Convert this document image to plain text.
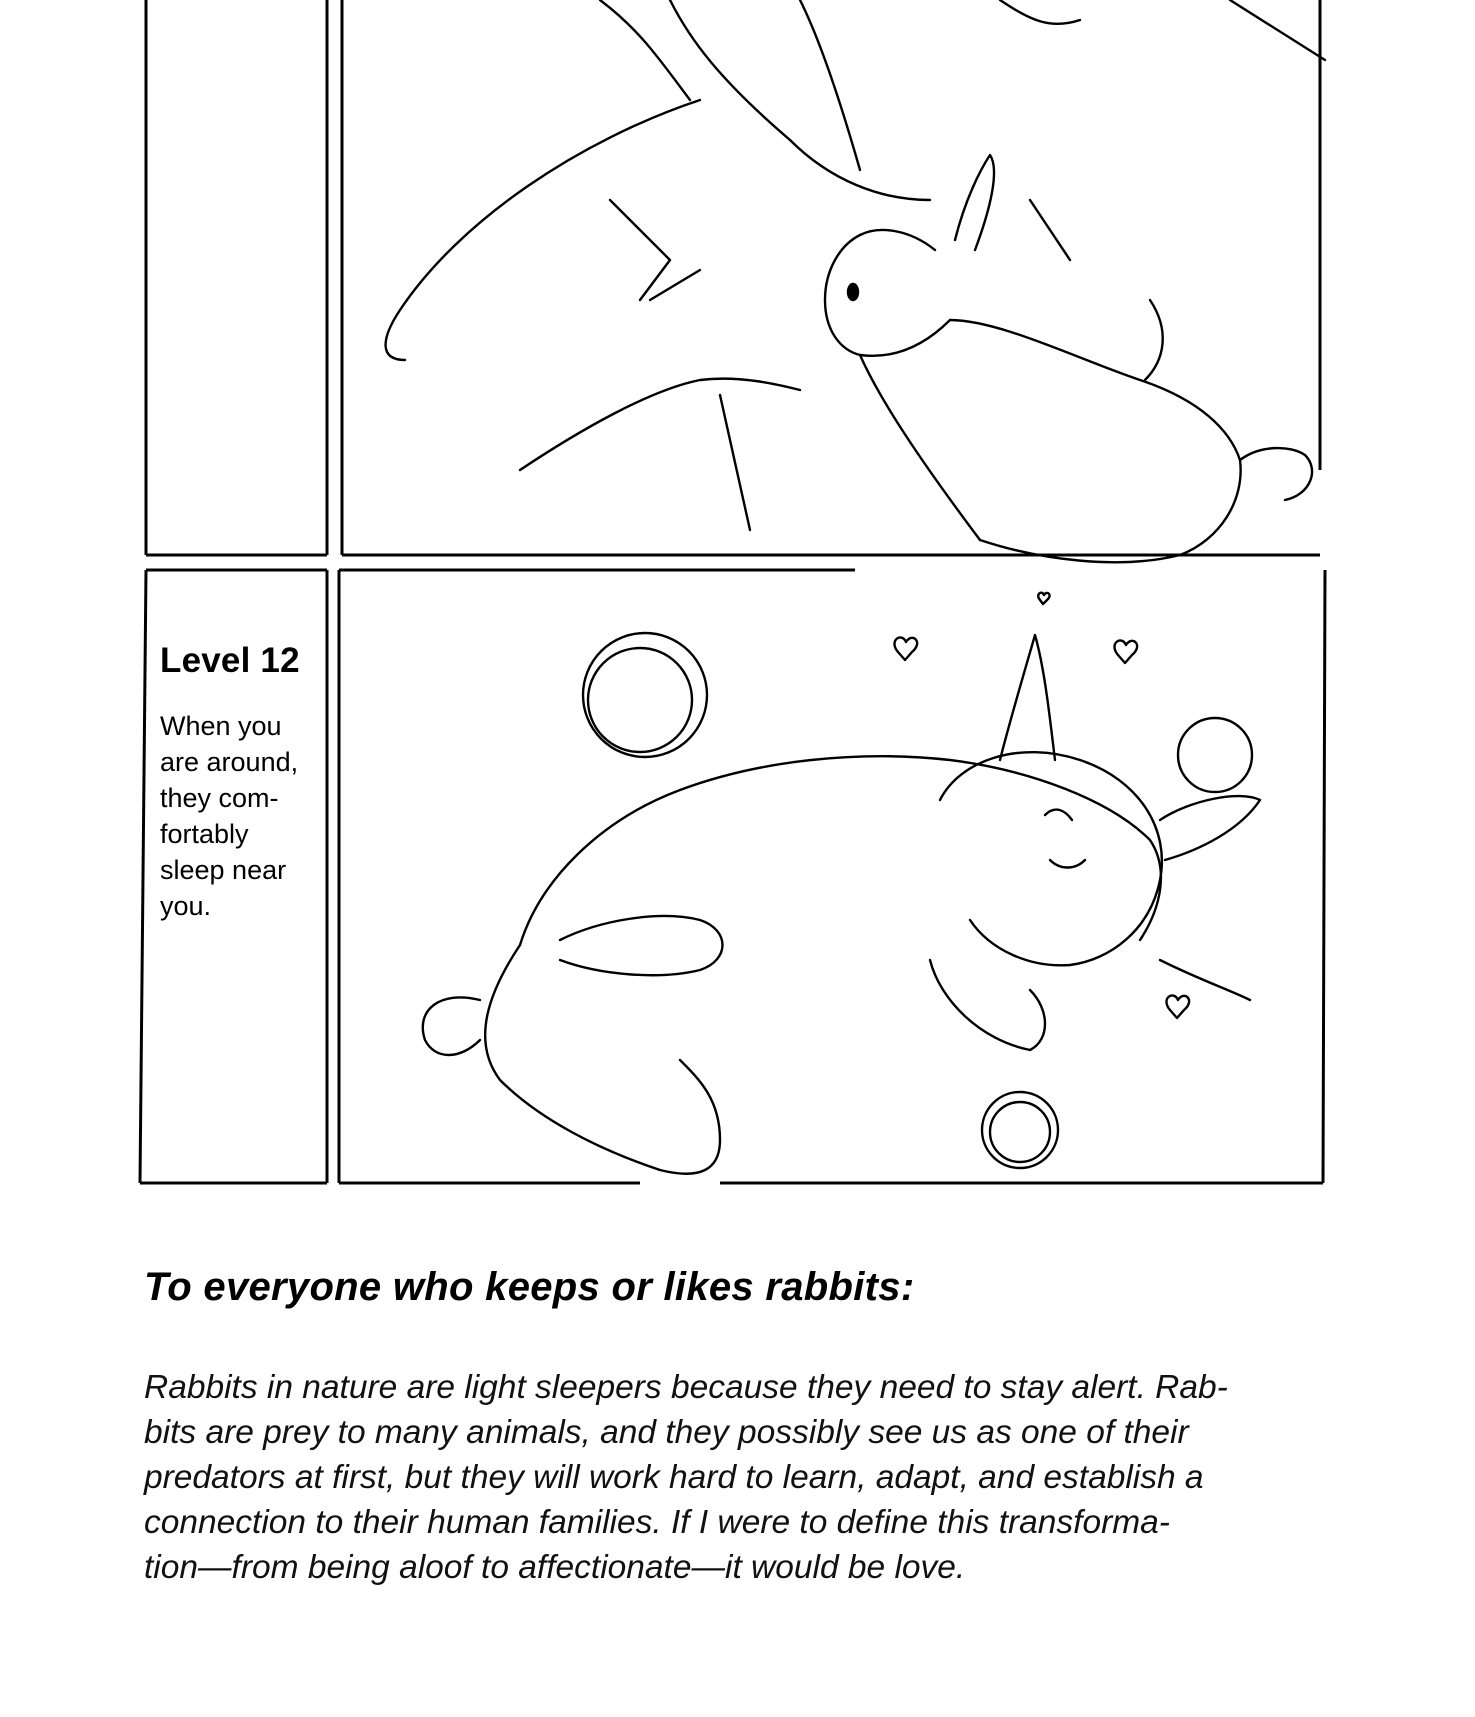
Level 12
When you
are around,
they com-
fortably
sleep near
you.
To everyone who keeps or likes rabbits:
Rabbits in nature are light sleepers because they need to stay alert. Rab-
bits are prey to many animals, and they possibly see us as one of their
predators at first, but they will work hard to learn, adapt, and establish a
connection to their human families. If I were to define this transforma-
tion—from being aloof to affectionate—it would be love.
